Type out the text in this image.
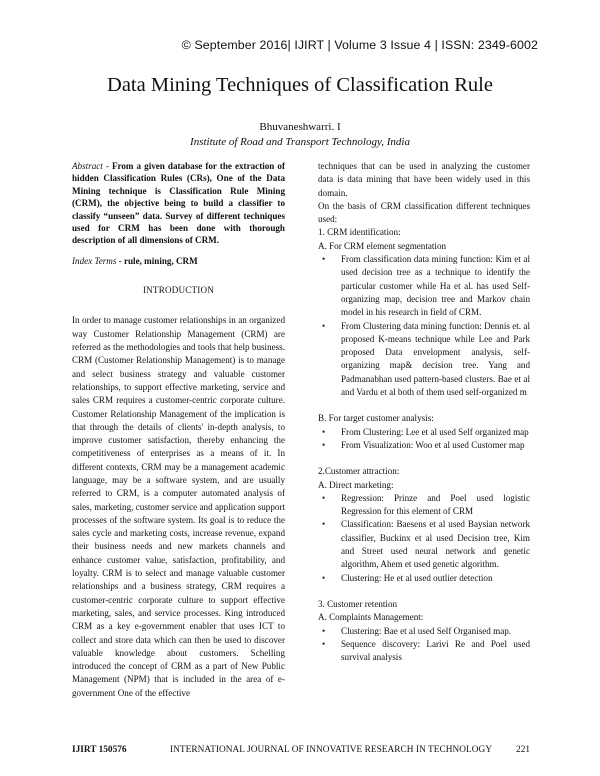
© September 2016| IJIRT | Volume 3 Issue 4 | ISSN: 2349-6002
Data Mining Techniques of Classification Rule
Bhuvaneshwarri. I
Institute of Road and Transport Technology, India

Abstract - From a given database for the extraction of hidden Classification Rules (CRs), One of the Data Mining technique is Classification Rule Mining (CRM), the objective being to build a classifier to classify “unseen” data. Survey of different techniques used for CRM has been done with thorough description of all dimensions of CRM.

Index Terms - rule, mining, CRM

INTRODUCTION

In order to manage customer relationships in an organized way Customer Relationship Management (CRM) are referred as the methodologies and tools that help business. CRM (Customer Relationship Management) is to manage and select business strategy and valuable customer relationships, to support effective marketing, service and sales CRM requires a customer-centric corporate culture. Customer Relationship Management of the implication is that through the details of clients' in-depth analysis, to improve customer satisfaction, thereby enhancing the competitiveness of enterprises as a means of it. In different contexts, CRM may be a management academic language, may be a software system, and are usually referred to CRM, is a computer automated analysis of sales, marketing, customer service and application support processes of the software system. Its goal is to reduce the sales cycle and marketing costs, increase revenue, expand their business needs and new markets channels and enhance customer value, satisfaction, profitability, and loyalty. CRM is to select and manage valuable customer relationships and a business strategy, CRM requires a customer-centric corporate culture to support effective marketing, sales, and service processes. King introduced CRM as a key e-government enabler that uses ICT to collect and store data which can then be used to discover valuable knowledge about customers. Schelling introduced the concept of CRM as a part of New Public Management (NPM) that is included in the area of e-government One of the effective

techniques that can be used in analyzing the customer data is data mining that have been widely used in this domain.

On the basis of CRM classification different techniques used:

1. CRM identification:

A. For CRM element segmentation

• From classification data mining function: Kim et al used decision tree as a technique to identify the particular customer while Ha et al. has used Self-organizing map, decision tree and Markov chain model in his research in field of CRM.
• From Clustering data mining function: Dennis et. al proposed K-means technique while Lee and Park proposed Data envelopment analysis, self-organizing map& decision tree. Yang and Padmanabhan used pattern-based clusters. Bae et al and Vardu et al both of them used self-organized m

B. For target customer analysis:

• From Clustering: Lee et al used Self organized map
• From Visualization: Woo et al used Customer map

2.Customer attraction:

A. Direct marketing:

• Regression: Prinze and Poel used logistic Regression for this element of CRM
• Classification: Baesens et al used Baysian network classifier, Buckinx et al used Decision tree, Kim and Street used neural network and genetic algorithm, Ahem et used genetic algorithm.
• Clustering: He et al used outlier detection

3. Customer retention

A. Complaints Management:

• Clustering: Bae et al used Self Organised map.
• Sequence discovery: Larivi Re and Poel used survival analysis
IJIRT 150576	INTERNATIONAL JOURNAL OF INNOVATIVE RESEARCH IN TECHNOLOGY	221
